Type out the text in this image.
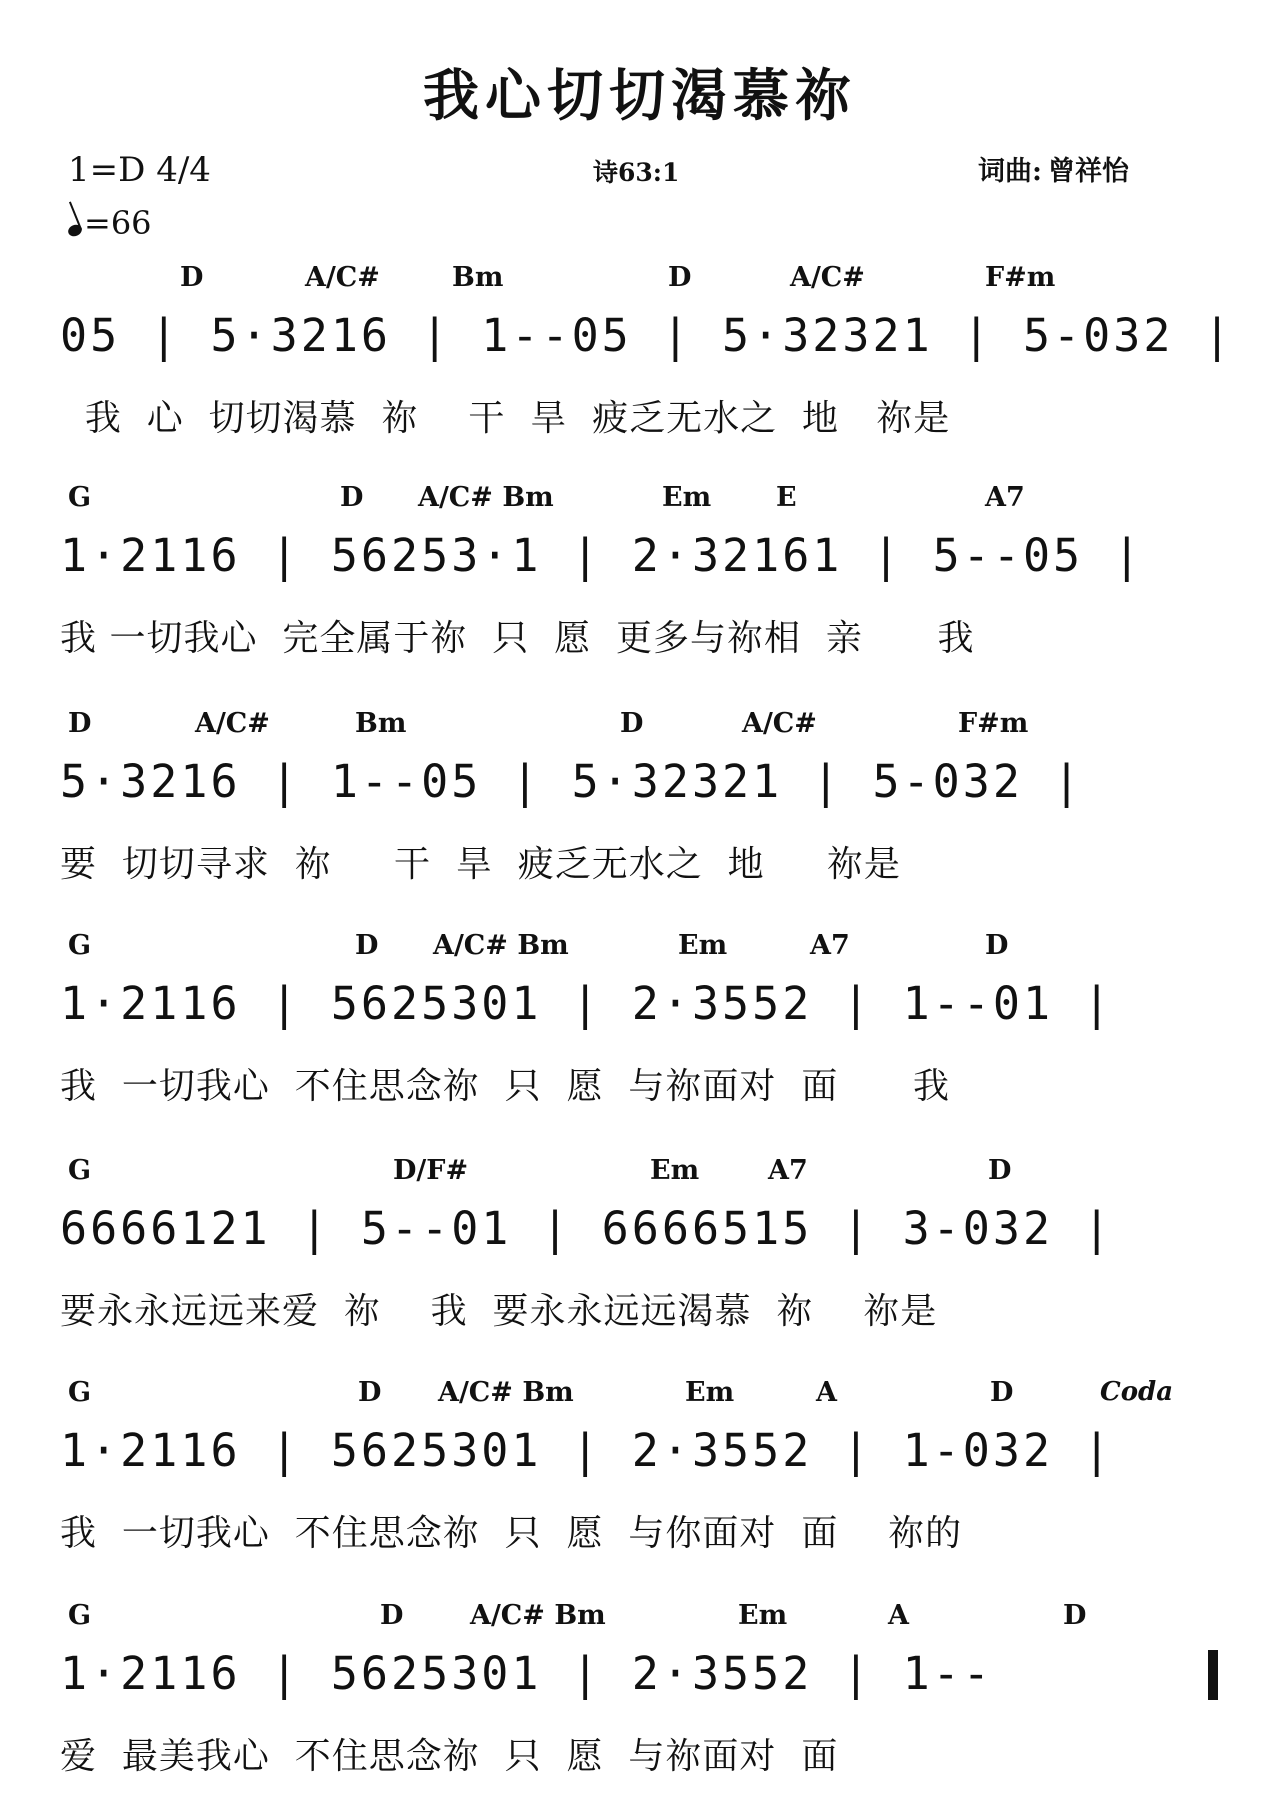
我心切切渴慕祢
1=D 4/4
=66
诗63:1	词曲: 曾祥怡
D	A/C#	Bm	D	A/C#	F#m
05 | 5·3216 | 1--05 | 5·32321 | 5-032 |
我  心  切切渴慕  祢    干  旱  疲乏无水之  地   祢是
G	D A/C# Bm	Em E	A7
1·2116 | 56253·1 | 2·32161 | 5--05 |
我 一切我心  完全属于祢  只  愿  更多与祢相  亲      我
D	A/C#	Bm	D	A/C#	F#m
5·3216 | 1--05 | 5·32321 | 5-032 |
要  切切寻求  祢     干  旱  疲乏无水之  地     祢是
G	D A/C# Bm	Em	A7	D
1·2116 | 5625301 | 2·3552 | 1--01 |
我  一切我心  不住思念祢  只  愿  与祢面对  面      我
G	D/F#	Em	A7	D
6666121 | 5--01 | 6666515 | 3-032 |
要永永远远来爱  祢    我  要永永远远渴慕  祢    祢是
G	D A/C# Bm	Em	A	D	Coda
1·2116 | 5625301 | 2·3552 | 1-032 |
我  一切我心  不住思念祢  只  愿  与你面对  面    祢的
G	D A/C# Bm	Em	A	D
1·2116 | 5625301 | 2·3552 | 1--
爱  最美我心  不住思念祢  只  愿  与祢面对  面
